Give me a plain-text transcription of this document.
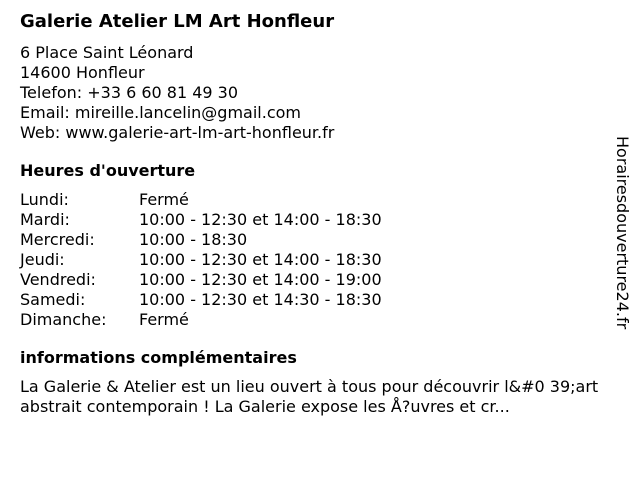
Galerie Atelier LM Art Honfleur
6 Place Saint Léonard
14600 Honfleur
Telefon: +33 6 60 81 49 30
Email: mireille.lancelin@gmail.com
Web: www.galerie-art-lm-art-honfleur.fr
Heures d'ouverture
Lundi:	Fermé
Mardi:	10:00 - 12:30 et 14:00 - 18:30
Mercredi:	10:00 - 18:30
Jeudi:	10:00 - 12:30 et 14:00 - 18:30
Vendredi:	10:00 - 12:30 et 14:00 - 19:00
Samedi:	10:00 - 12:30 et 14:30 - 18:30
Dimanche:	Fermé
informations complémentaires
La Galerie & Atelier est un lieu ouvert à tous pour découvrir l&#0 39;art abstrait contemporain ! La Galerie expose les Å?uvres et cr...
Horairesdouverture24.fr
